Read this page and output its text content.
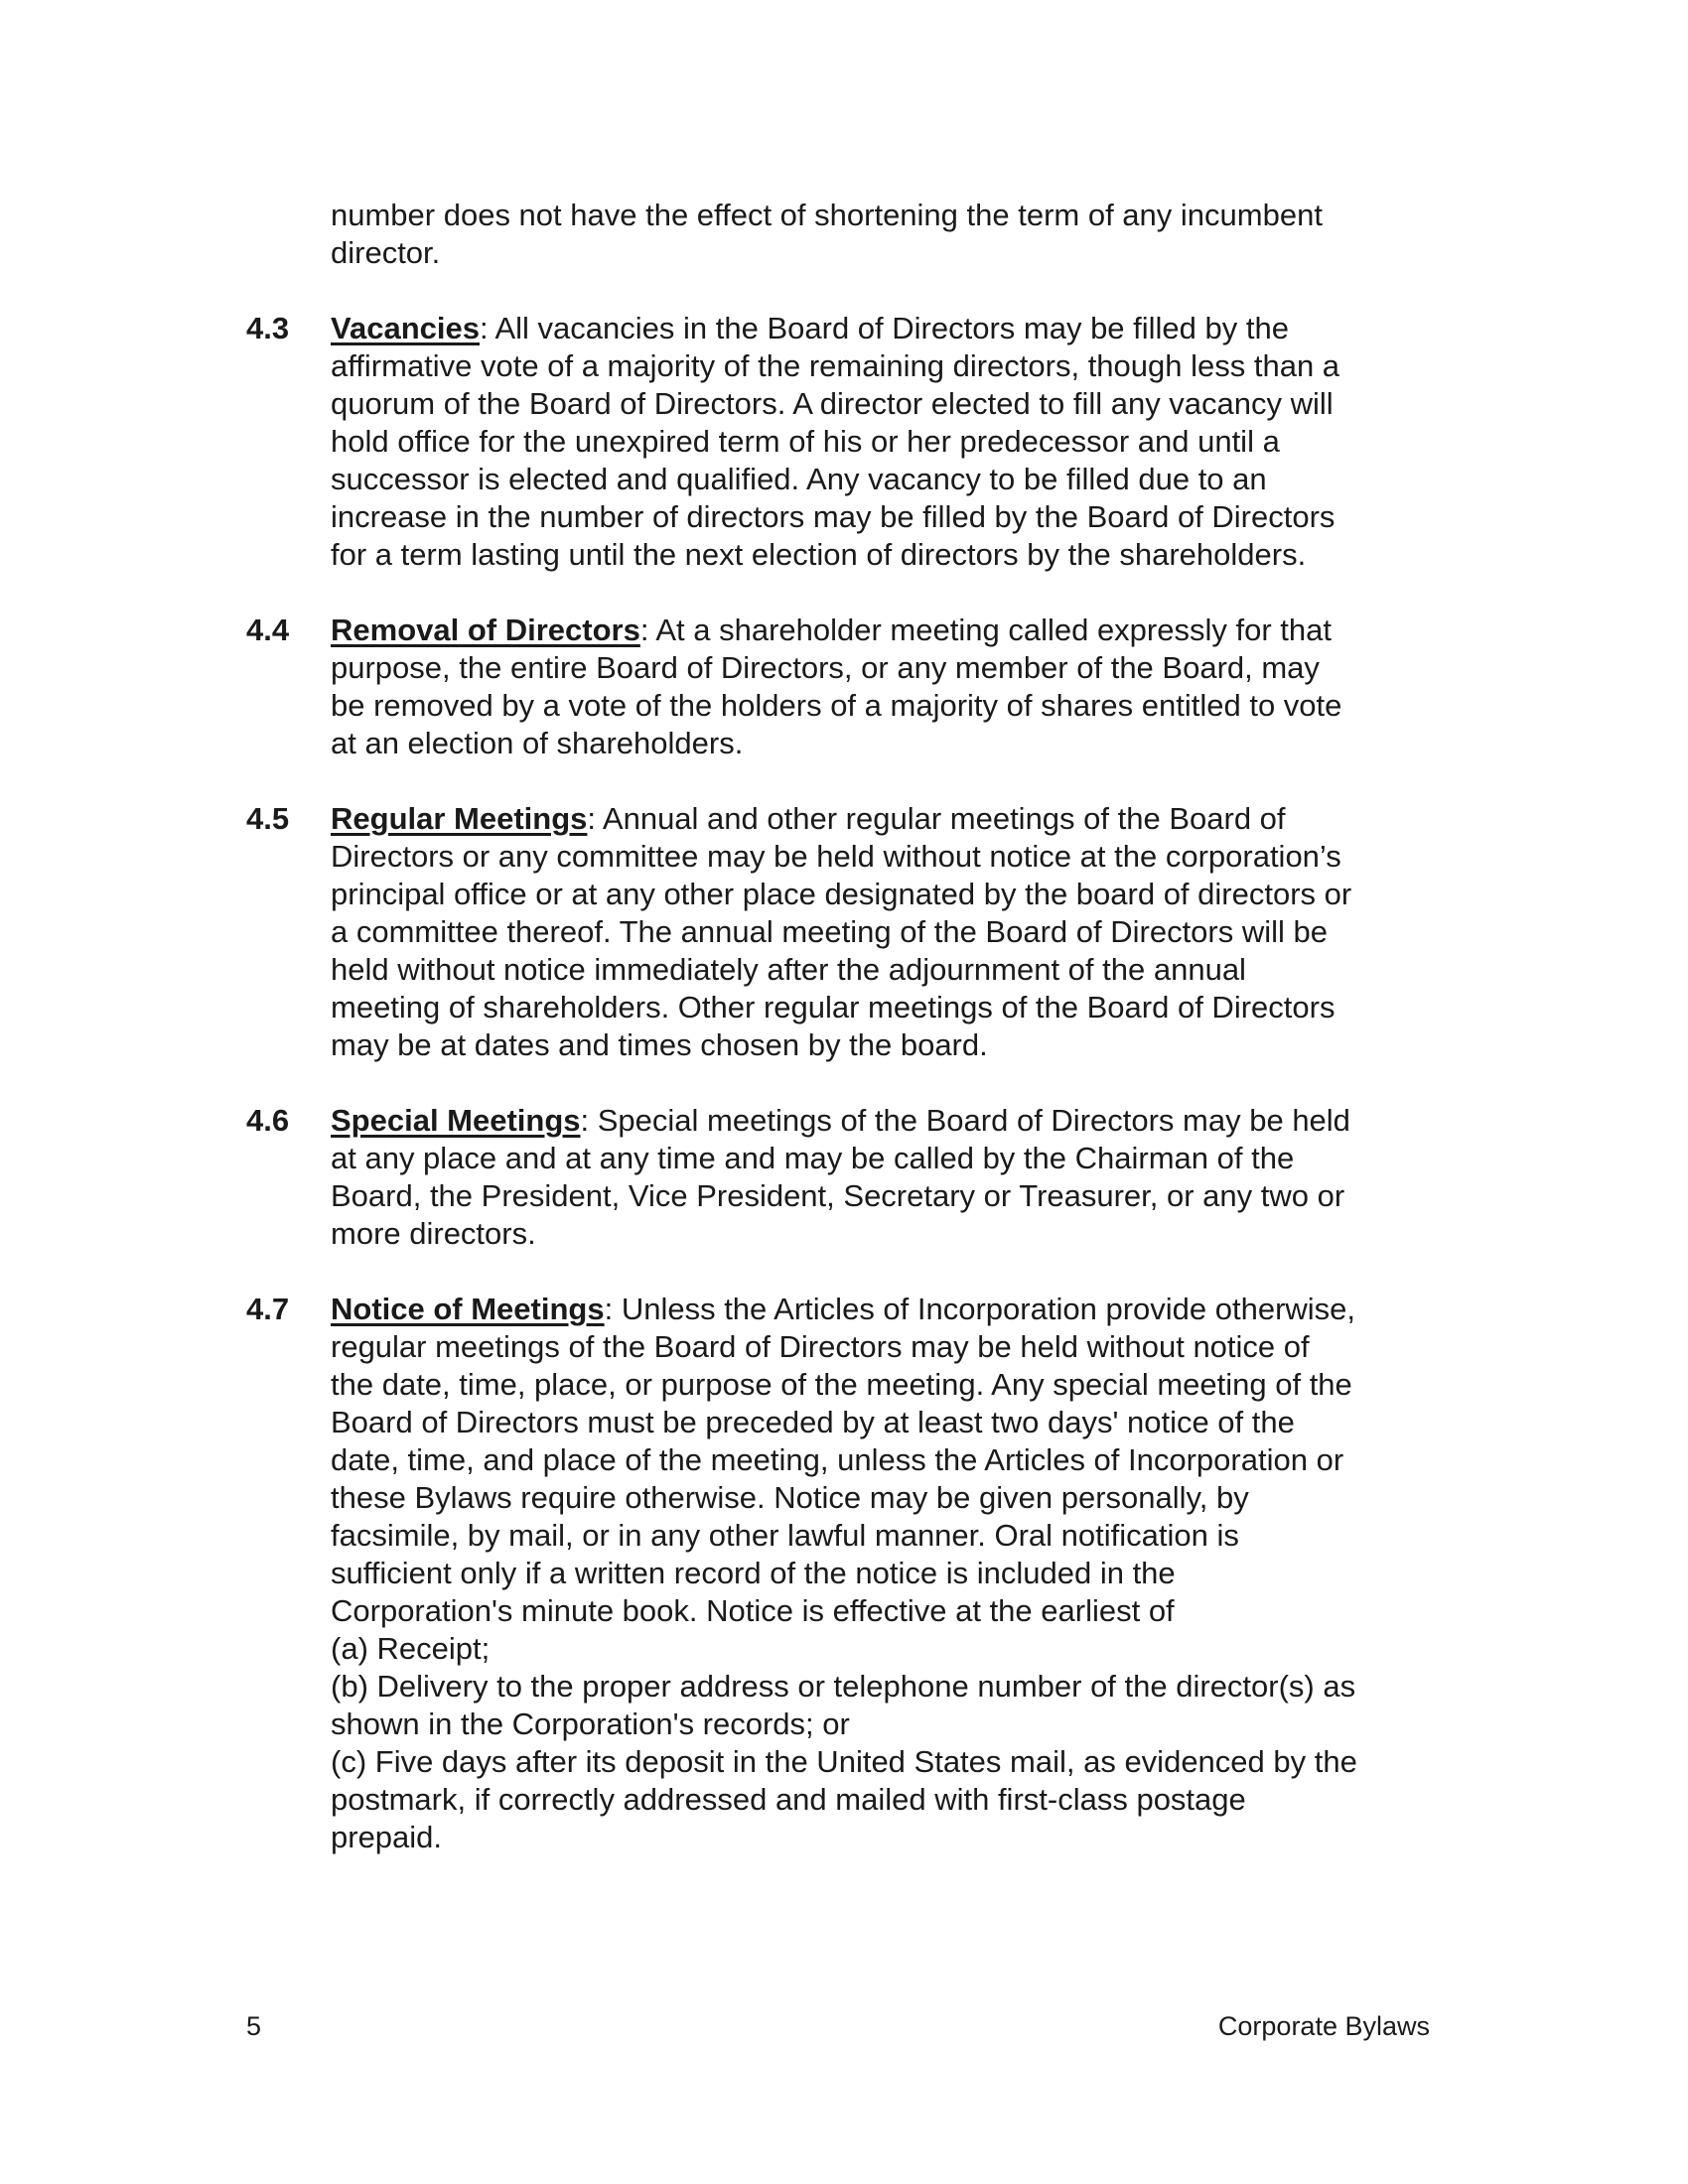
number does not have the effect of shortening the term of any incumbent

director.

4.3 Vacancies: All vacancies in the Board of Directors may be filled by the

affirmative vote of a majority of the remaining directors, though less than a

quorum of the Board of Directors. A director elected to fill any vacancy will

hold office for the unexpired term of his or her predecessor and until a

successor is elected and qualified. Any vacancy to be filled due to an

increase in the number of directors may be filled by the Board of Directors

for a term lasting until the next election of directors by the shareholders.

4.4 Removal of Directors: At a shareholder meeting called expressly for that

purpose, the entire Board of Directors, or any member of the Board, may

be removed by a vote of the holders of a majority of shares entitled to vote

at an election of shareholders.

4.5 Regular Meetings: Annual and other regular meetings of the Board of

Directors or any committee may be held without notice at the corporation’s

principal office or at any other place designated by the board of directors or

a committee thereof. The annual meeting of the Board of Directors will be

held without notice immediately after the adjournment of the annual

meeting of shareholders. Other regular meetings of the Board of Directors

may be at dates and times chosen by the board.

4.6 Special Meetings: Special meetings of the Board of Directors may be held

at any place and at any time and may be called by the Chairman of the

Board, the President, Vice President, Secretary or Treasurer, or any two or

more directors.

4.7 Notice of Meetings: Unless the Articles of Incorporation provide otherwise,

regular meetings of the Board of Directors may be held without notice of

the date, time, place, or purpose of the meeting. Any special meeting of the

Board of Directors must be preceded by at least two days' notice of the

date, time, and place of the meeting, unless the Articles of Incorporation or

these Bylaws require otherwise. Notice may be given personally, by

facsimile, by mail, or in any other lawful manner. Oral notification is

sufficient only if a written record of the notice is included in the

Corporation's minute book. Notice is effective at the earliest of

(a) Receipt;

(b) Delivery to the proper address or telephone number of the director(s) as

shown in the Corporation's records; or

(c) Five days after its deposit in the United States mail, as evidenced by the

postmark, if correctly addressed and mailed with first-class postage

prepaid.

5	Corporate Bylaws
